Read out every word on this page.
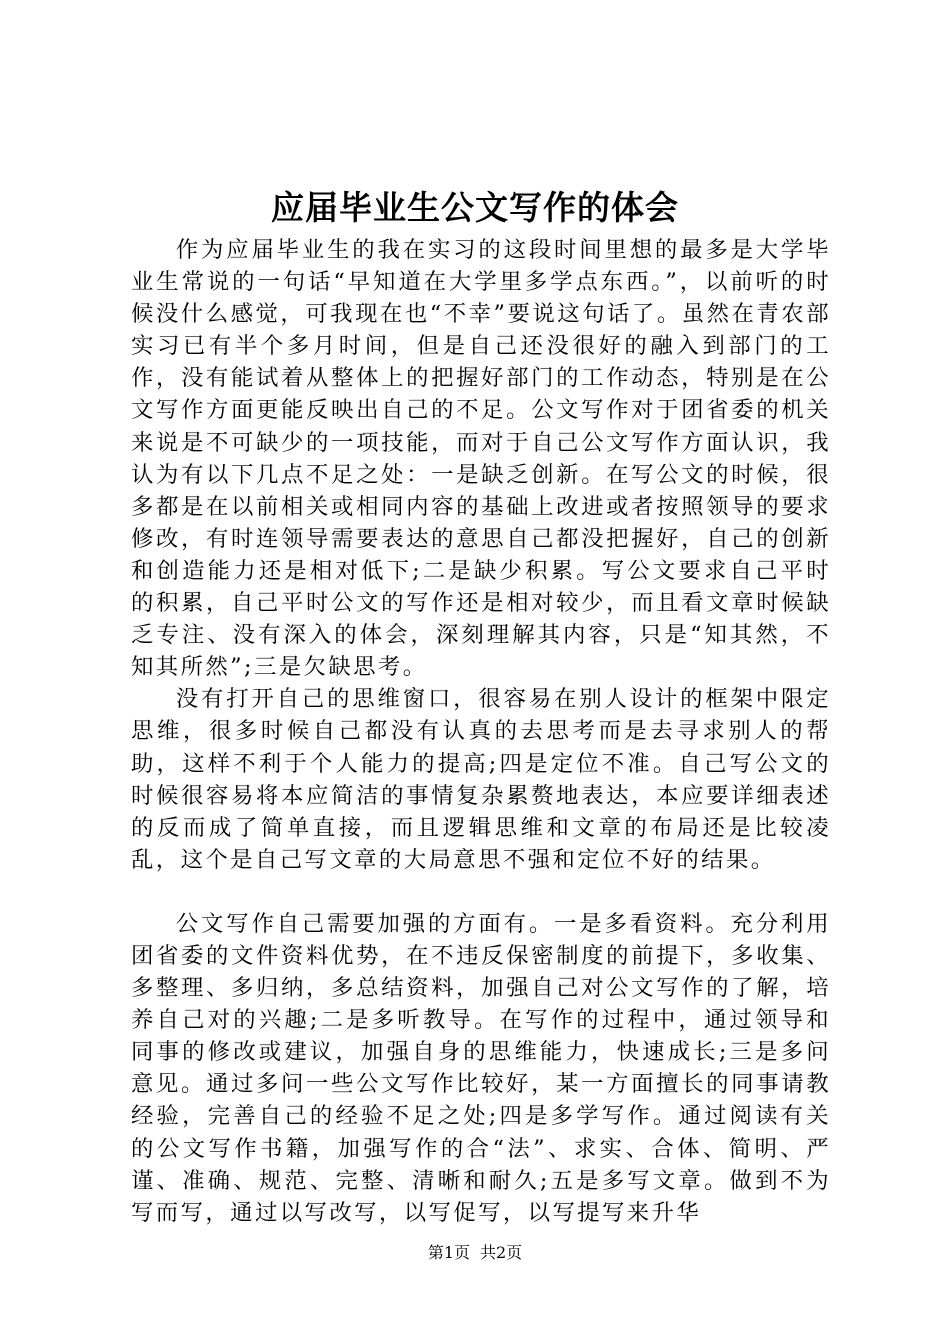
应届毕业生公文写作的体会

作为应届毕业生的我在实习的这段时间里想的最多是大学毕业生常说的一句话“早知道在大学里多学点东西。”，以前听的时候没什么感觉，可我现在也“不幸”要说这句话了。虽然在青农部实习已有半个多月时间，但是自己还没很好的融入到部门的工作，没有能试着从整体上的把握好部门的工作动态，特别是在公文写作方面更能反映出自己的不足。公文写作对于团省委的机关来说是不可缺少的一项技能，而对于自己公文写作方面认识，我认为有以下几点不足之处：一是缺乏创新。在写公文的时候，很多都是在以前相关或相同内容的基础上改进或者按照领导的要求修改，有时连领导需要表达的意思自己都没把握好，自己的创新和创造能力还是相对低下;二是缺少积累。写公文要求自己平时的积累，自己平时公文的写作还是相对较少，而且看文章时候缺乏专注、没有深入的体会，深刻理解其内容，只是“知其然，不知其所然”;三是欠缺思考。

没有打开自己的思维窗口，很容易在别人设计的框架中限定思维，很多时候自己都没有认真的去思考而是去寻求别人的帮助，这样不利于个人能力的提高;四是定位不准。自己写公文的时候很容易将本应简洁的事情复杂累赘地表达，本应要详细表述的反而成了简单直接，而且逻辑思维和文章的布局还是比较凌乱，这个是自己写文章的大局意思不强和定位不好的结果。

公文写作自己需要加强的方面有。一是多看资料。充分利用团省委的文件资料优势，在不违反保密制度的前提下，多收集、多整理、多归纳，多总结资料，加强自己对公文写作的了解，培养自己对的兴趣;二是多听教导。在写作的过程中，通过领导和同事的修改或建议，加强自身的思维能力，快速成长;三是多问意见。通过多问一些公文写作比较好，某一方面擅长的同事请教经验，完善自己的经验不足之处;四是多学写作。通过阅读有关的公文写作书籍，加强写作的合“法”、求实、合体、简明、严谨、准确、规范、完整、清晰和耐久;五是多写文章。做到不为写而写，通过以写改写，以写促写，以写提写来升华

第1页 共2页
